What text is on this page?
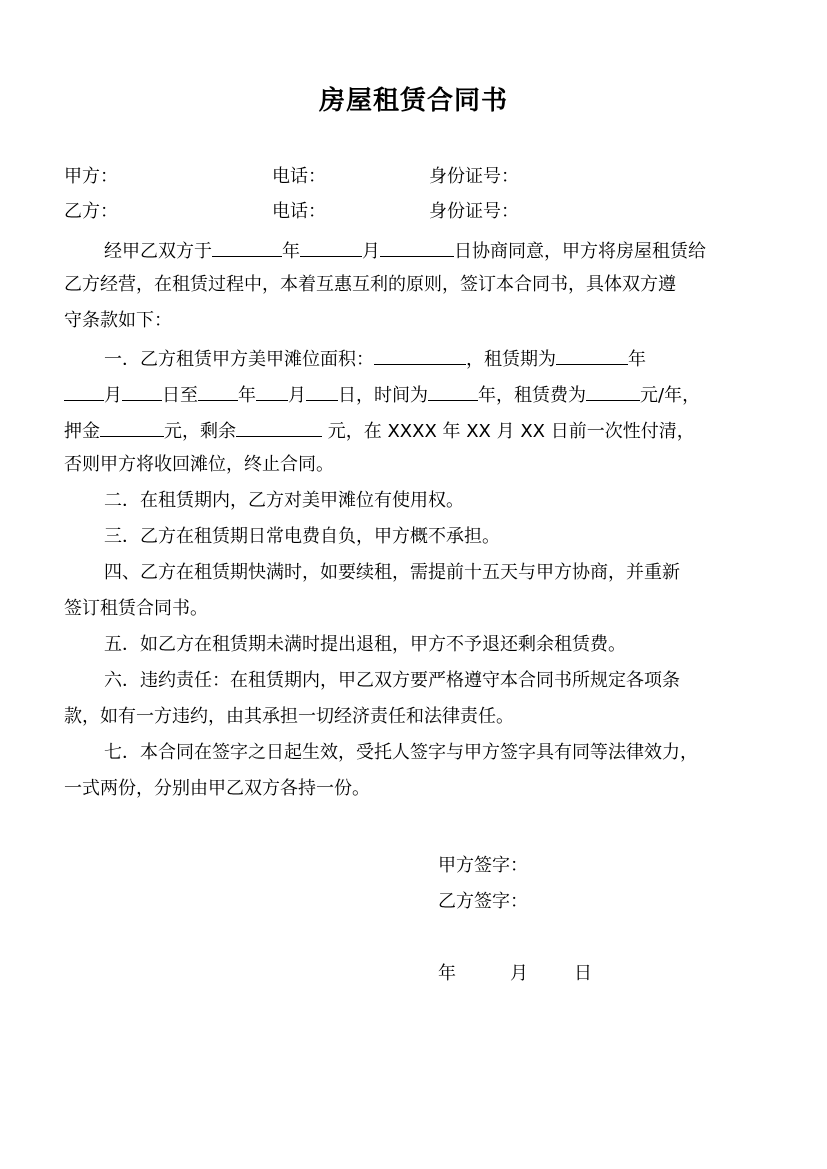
房屋租赁合同书
甲方：	电话：	身份证号：
乙方：	电话：	身份证号：
经甲乙双方于	年	月	日协商同意，甲方将房屋租赁给
乙方经营，在租赁过程中，本着互惠互利的原则，签订本合同书，具体双方遵
守条款如下：
一．乙方租赁甲方美甲滩位面积：	，租赁期为	年
月 日至 年 月 日，时间为	年，租赁费为	元/年，
押金	元，剩余	元，在 XXXX 年 XX 月 XX 日前一次性付清，
否则甲方将收回滩位，终止合同。
二．在租赁期内，乙方对美甲滩位有使用权。
三．乙方在租赁期日常电费自负，甲方概不承担。
四、乙方在租赁期快满时，如要续租，需提前十五天与甲方协商，并重新
签订租赁合同书。
五．如乙方在租赁期未满时提出退租，甲方不予退还剩余租赁费。
六．违约责任：在租赁期内，甲乙双方要严格遵守本合同书所规定各项条
款，如有一方违约，由其承担一切经济责任和法律责任。
七．本合同在签字之日起生效，受托人签字与甲方签字具有同等法律效力，
一式两份，分别由甲乙双方各持一份。
甲方签字：
乙方签字：
年	月	日
